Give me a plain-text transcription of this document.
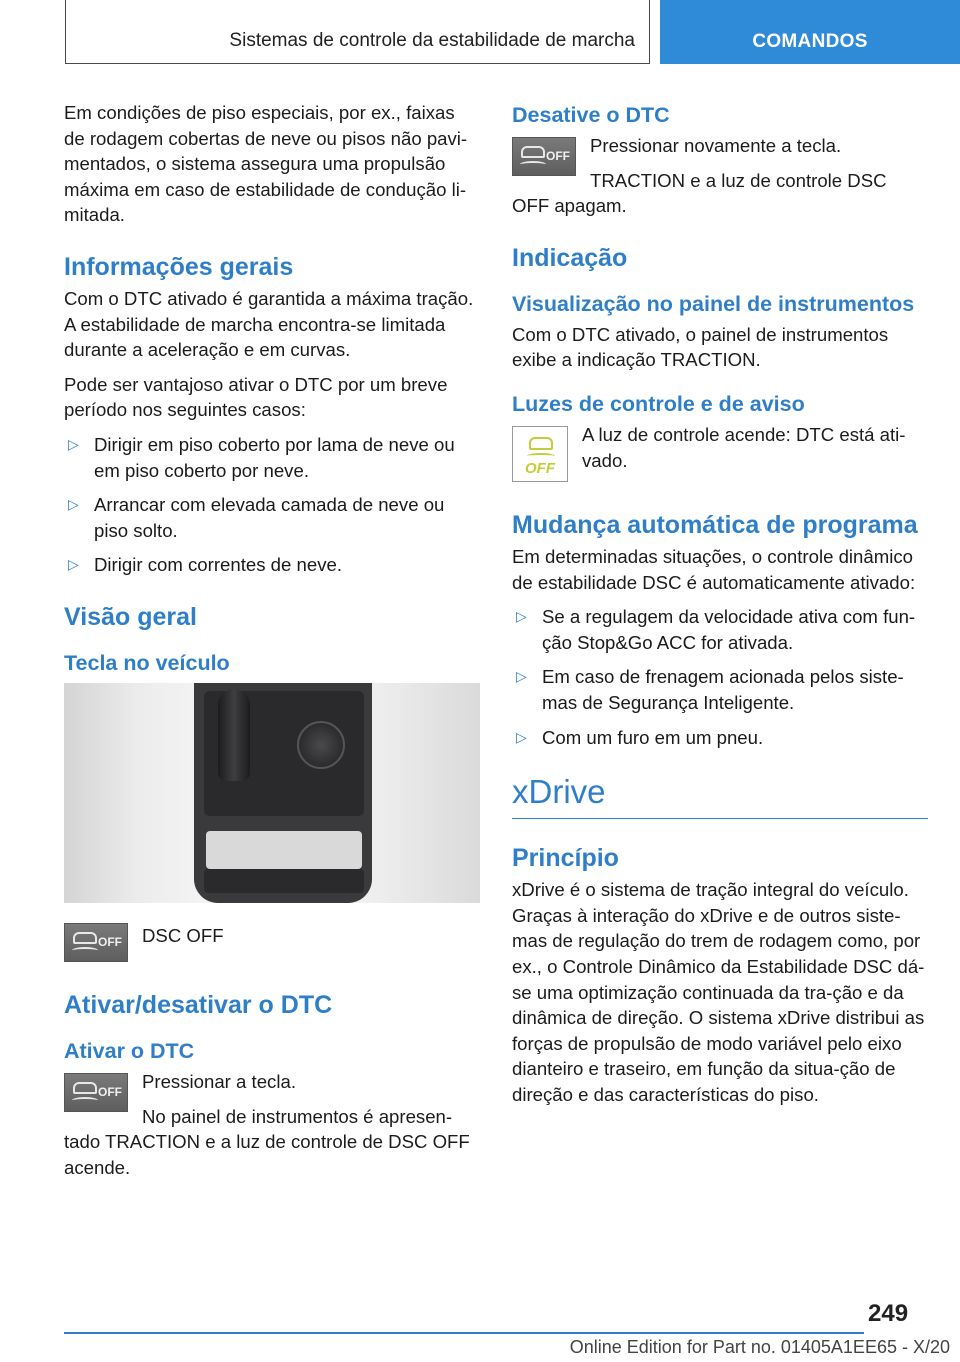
Sistemas de controle da estabilidade de marcha	COMANDOS

Em condições de piso especiais, por ex., faixas de rodagem cobertas de neve ou pisos não pavi-mentados, o sistema assegura uma propulsão máxima em caso de estabilidade de condução li-mitada.

Informações gerais

Com o DTC ativado é garantida a máxima tração. A estabilidade de marcha encontra-se limitada durante a aceleração e em curvas.

Pode ser vantajoso ativar o DTC por um breve período nos seguintes casos:

▷ Dirigir em piso coberto por lama de neve ou em piso coberto por neve.
▷ Arrancar com elevada camada de neve ou piso solto.
▷ Dirigir com correntes de neve.
Visão geral
Tecla no veículo
OFF	DSC OFF

Ativar/desativar o DTC
Ativar o DTC
OFF	Pressionar a tecla.

No painel de instrumentos é apresen-tado TRACTION e a luz de controle de DSC OFF acende.

Desative o DTC
OFF	Pressionar novamente a tecla.

TRACTION e a luz de controle DSC OFF apagam.

Indicação
Visualização no painel de instrumentos

Com o DTC ativado, o painel de instrumentos exibe a indicação TRACTION.

Luzes de controle e de aviso
OFF

A luz de controle acende: DTC está ati-vado.

Mudança automática de programa

Em determinadas situações, o controle dinâmico de estabilidade DSC é automaticamente ativado:

▷ Se a regulagem da velocidade ativa com fun-ção Stop&Go ACC for ativada.
▷ Em caso de frenagem acionada pelos siste-mas de Segurança Inteligente.
▷ Com um furo em um pneu.
xDrive
Princípio

xDrive é o sistema de tração integral do veículo. Graças à interação do xDrive e de outros siste-mas de regulação do trem de rodagem como, por ex., o Controle Dinâmico da Estabilidade DSC dá-se uma optimização continuada da tra-ção e da dinâmica de direção. O sistema xDrive distribui as forças de propulsão de modo variável pelo eixo dianteiro e traseiro, em função da situa-ção de direção e das características do piso.

249
Online Edition for Part no. 01405A1EE65 - X/20
